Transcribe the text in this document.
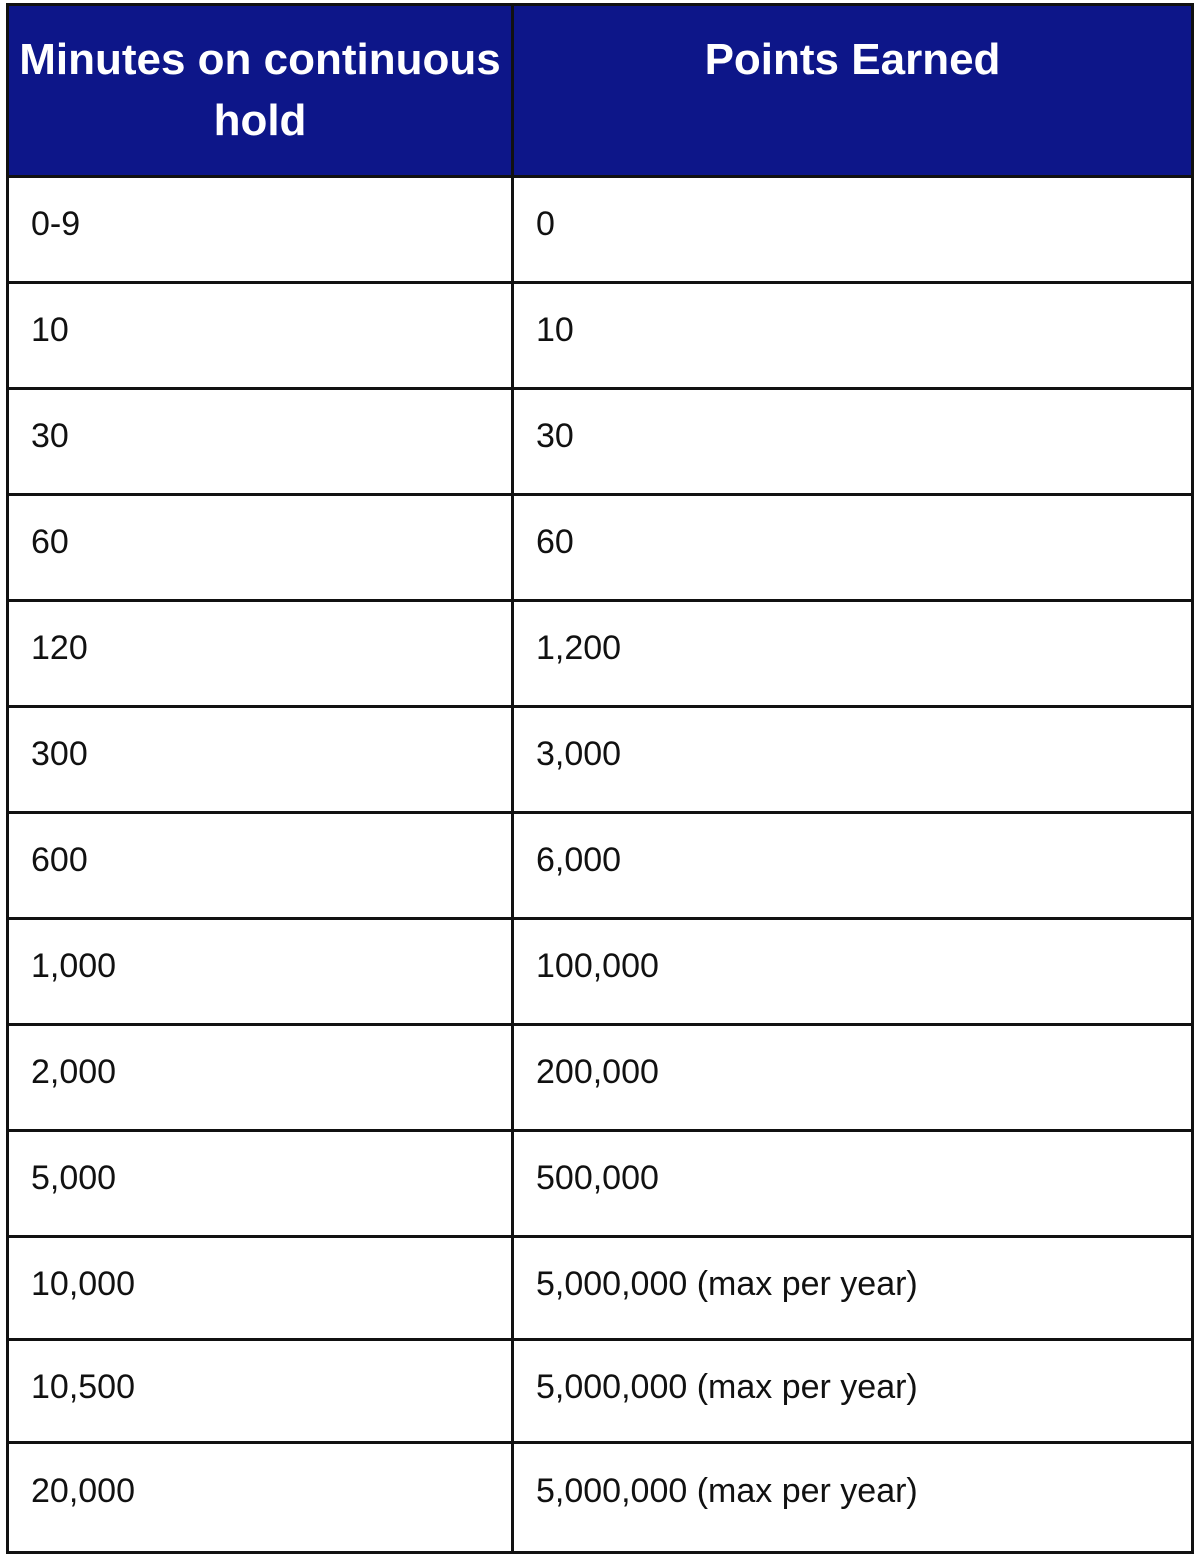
Minutes on continuous hold	Points Earned
0-9	0
10	10
30	30
60	60
120	1,200
300	3,000
600	6,000
1,000	100,000
2,000	200,000
5,000	500,000
10,000	5,000,000 (max per year)
10,500	5,000,000 (max per year)
20,000	5,000,000 (max per year)
